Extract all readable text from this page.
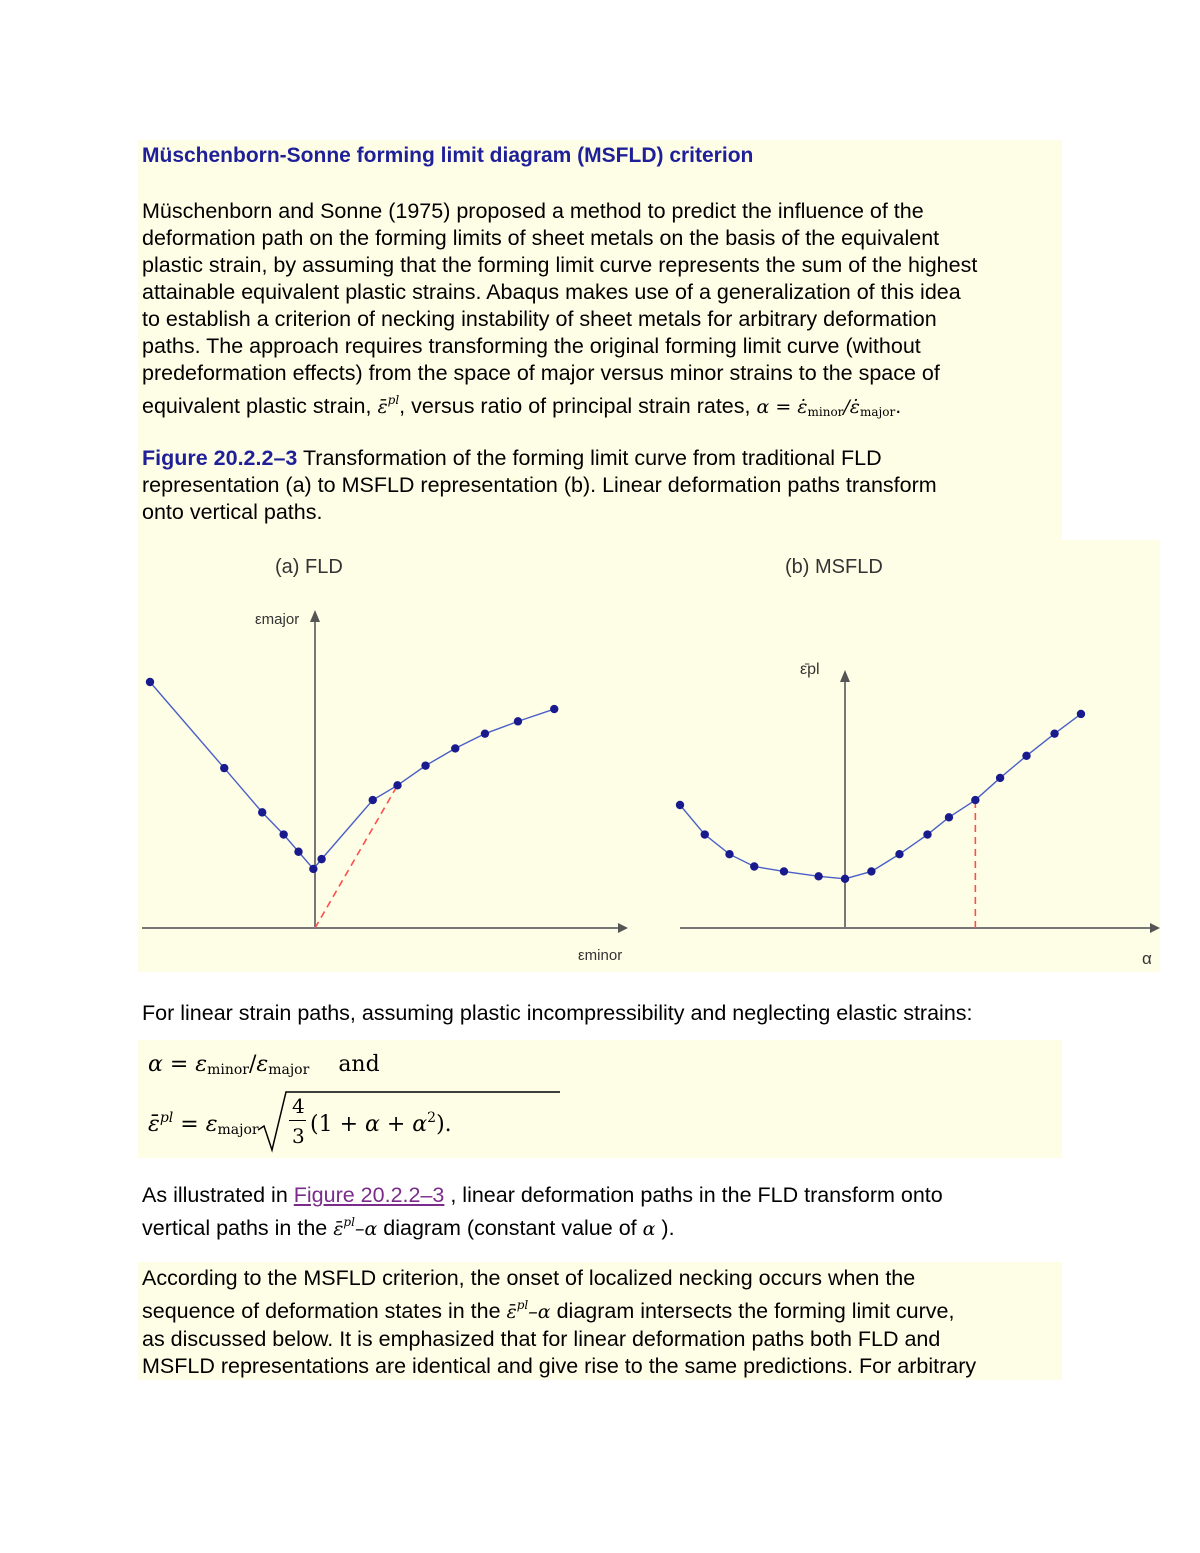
Müschenborn-Sonne forming limit diagram (MSFLD) criterion
Müschenborn and Sonne (1975) proposed a method to predict the influence of the
deformation path on the forming limits of sheet metals on the basis of the equivalent
plastic strain, by assuming that the forming limit curve represents the sum of the highest
attainable equivalent plastic strains. Abaqus makes use of a generalization of this idea
to establish a criterion of necking instability of sheet metals for arbitrary deformation
paths. The approach requires transforming the original forming limit curve (without
predeformation effects) from the space of major versus minor strains to the space of
equivalent plastic strain, ε̄$^{pl}$, versus ratio of principal strain rates, $\alpha = \varepsiloṅ_{minor}/\varepsiloṅ_{major}$.
Figure 20.2.2–3 Transformation of the forming limit curve from traditional FLD
representation (a) to MSFLD representation (b). Linear deformation paths transform
onto vertical paths.
(a) FLD
εmajor
εminor
(b) MSFLD
ε̄pl
α
For linear strain paths, assuming plastic incompressibility and neglecting elastic strains:
$\alpha = \varepsilon_{minor}/\varepsilon_{major}$ and
ε̄$^{pl}$ = $\varepsilon_{major}$
4
3 $(1 + \alpha + \alpha^2)$.
As illustrated in Figure 20.2.2–3 , linear deformation paths in the FLD transform onto
vertical paths in the ε̄$^{pl}$–α diagram (constant value of α ).
According to the MSFLD criterion, the onset of localized necking occurs when the
sequence of deformation states in the ε̄$^{pl}$–α diagram intersects the forming limit curve,
as discussed below. It is emphasized that for linear deformation paths both FLD and
MSFLD representations are identical and give rise to the same predictions. For arbitrary
